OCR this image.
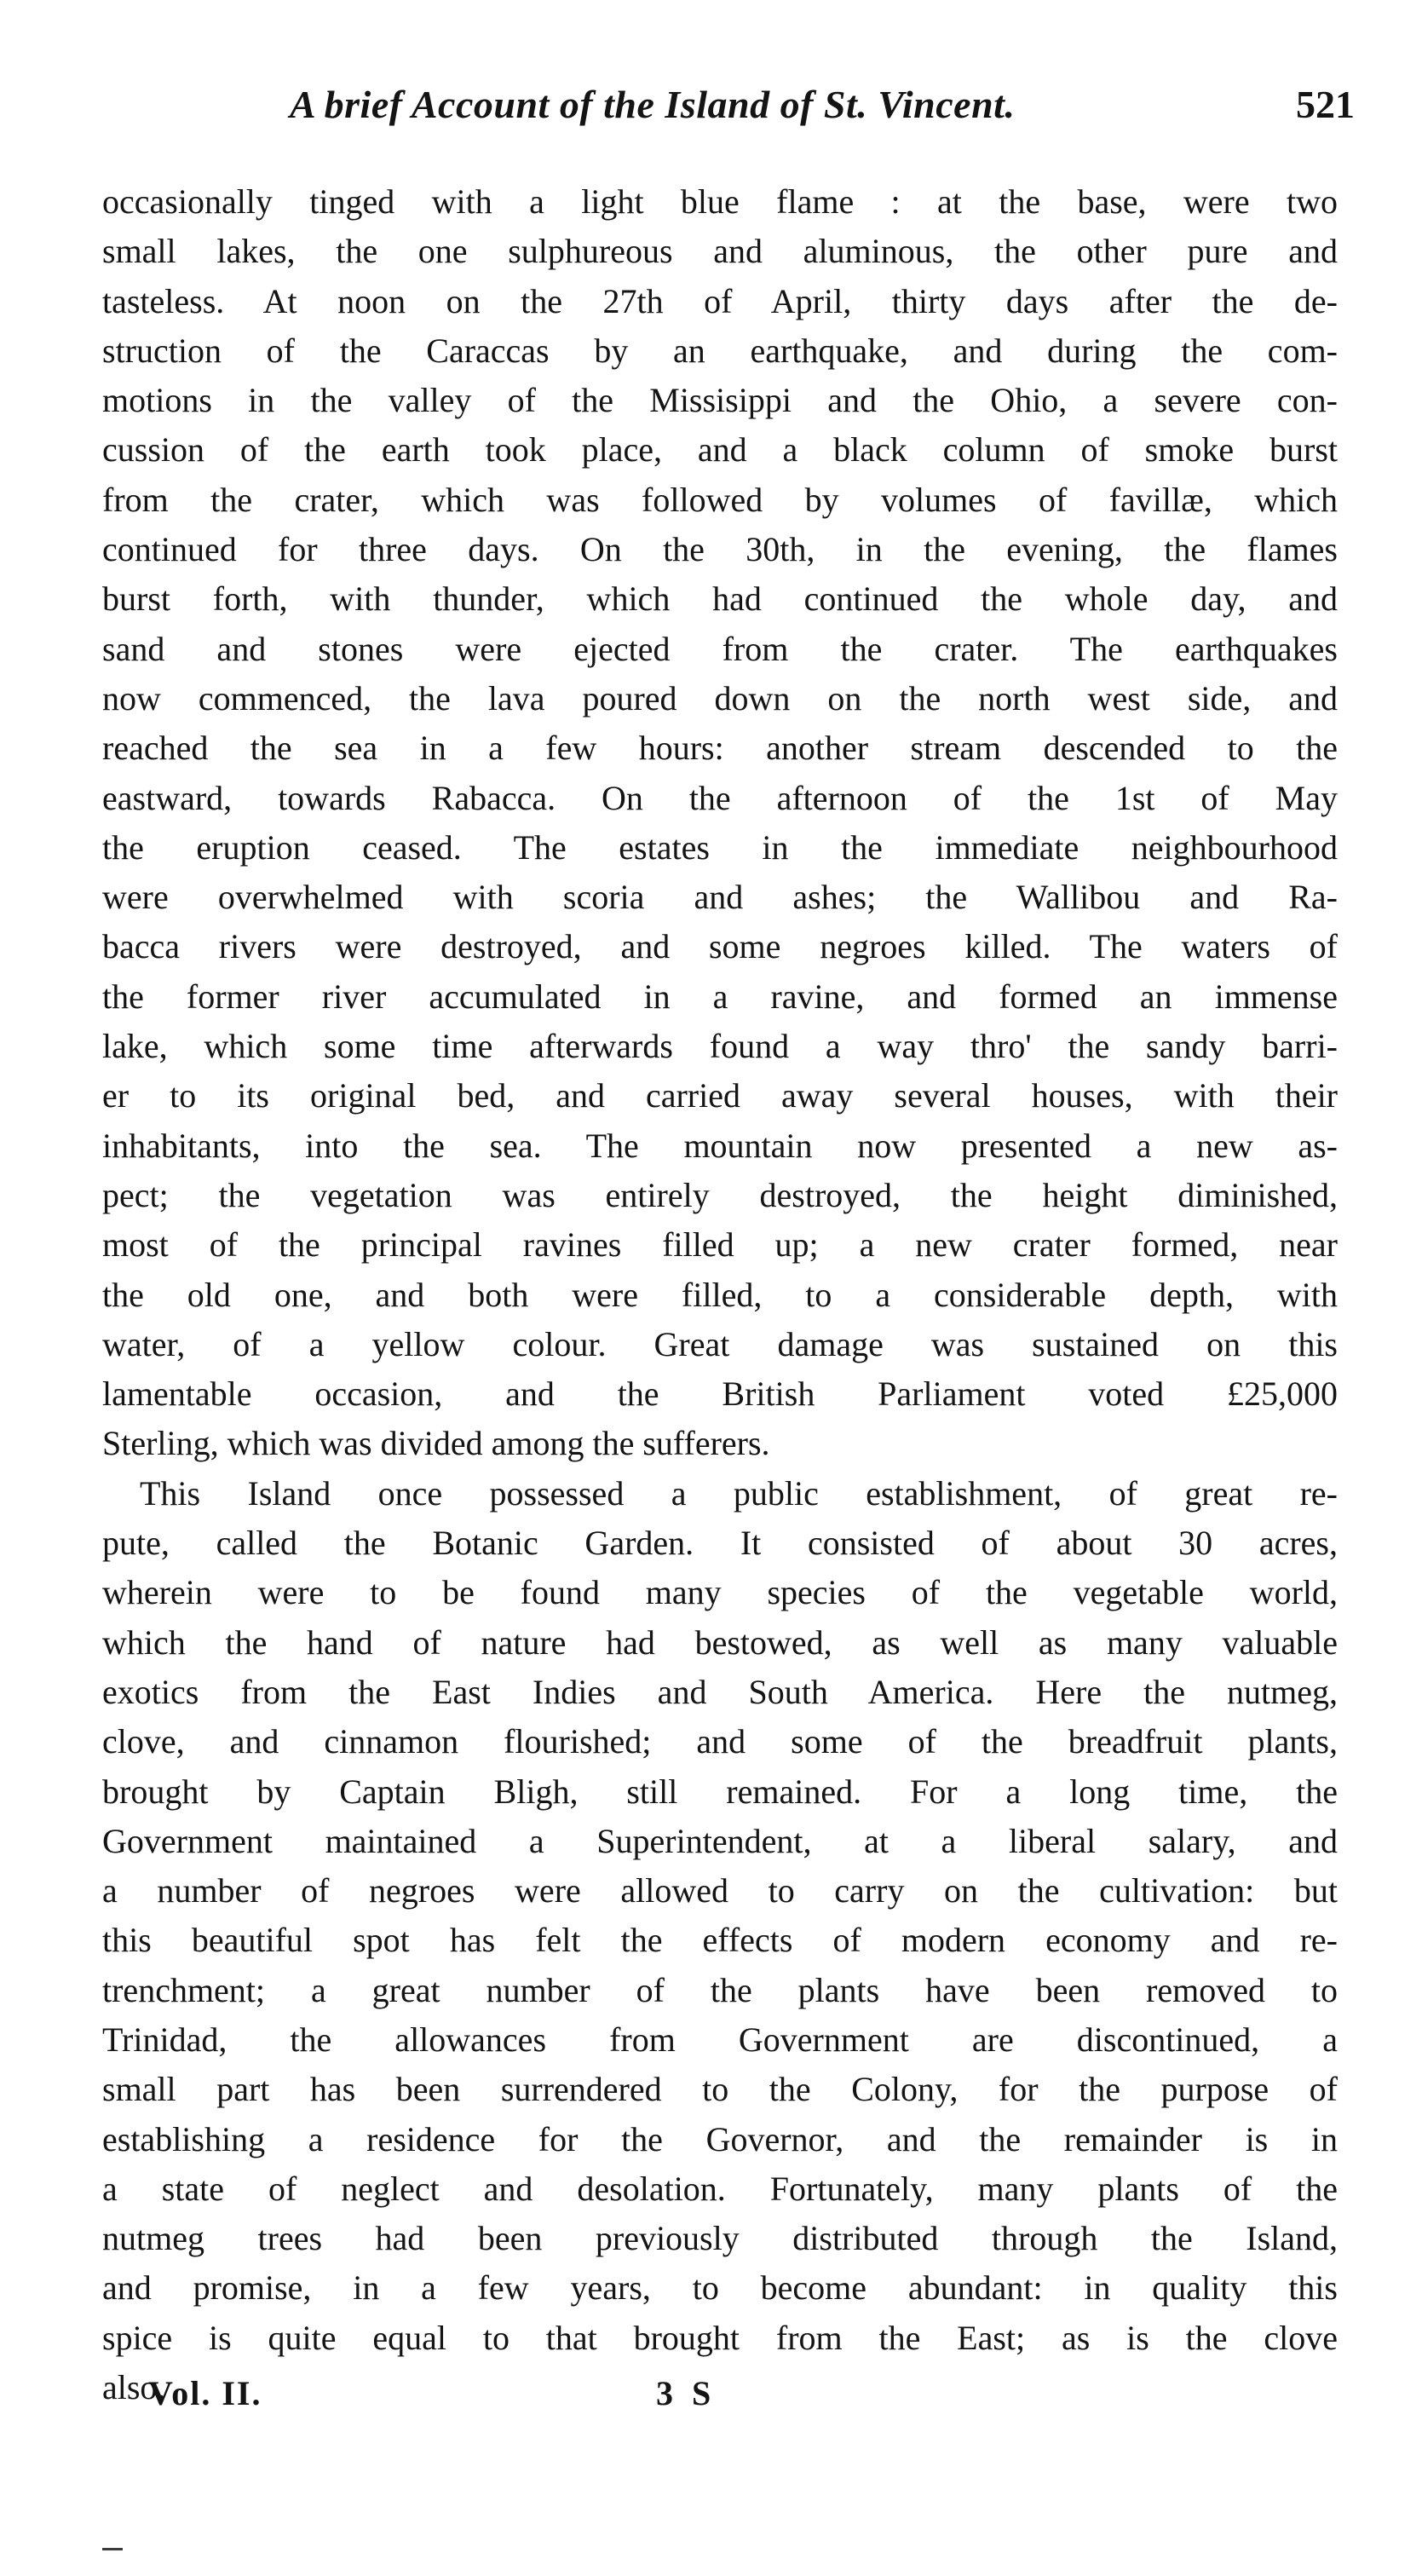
A brief Account of the Island of St. Vincent.	521
occasionally tinged with a light blue flame : at the base, were two
small lakes, the one sulphureous and aluminous, the other pure and
tasteless. At noon on the 27th of April, thirty days after the de-
struction of the Caraccas by an earthquake, and during the com-
motions in the valley of the Missisippi and the Ohio, a severe con-
cussion of the earth took place, and a black column of smoke burst
from the crater, which was followed by volumes of favillæ, which
continued for three days. On the 30th, in the evening, the flames
burst forth, with thunder, which had continued the whole day, and
sand and stones were ejected from the crater. The earthquakes
now commenced, the lava poured down on the north west side, and
reached the sea in a few hours: another stream descended to the
eastward, towards Rabacca. On the afternoon of the 1st of May
the eruption ceased. The estates in the immediate neighbourhood
were overwhelmed with scoria and ashes; the Wallibou and Ra-
bacca rivers were destroyed, and some negroes killed. The waters of
the former river accumulated in a ravine, and formed an immense
lake, which some time afterwards found a way thro' the sandy barri-
er to its original bed, and carried away several houses, with their
inhabitants, into the sea. The mountain now presented a new as-
pect; the vegetation was entirely destroyed, the height diminished,
most of the principal ravines filled up; a new crater formed, near
the old one, and both were filled, to a considerable depth, with
water, of a yellow colour. Great damage was sustained on this
lamentable occasion, and the British Parliament voted £25,000
Sterling, which was divided among the sufferers.
This Island once possessed a public establishment, of great re-
pute, called the Botanic Garden. It consisted of about 30 acres,
wherein were to be found many species of the vegetable world,
which the hand of nature had bestowed, as well as many valuable
exotics from the East Indies and South America. Here the nutmeg,
clove, and cinnamon flourished; and some of the breadfruit plants,
brought by Captain Bligh, still remained. For a long time, the
Government maintained a Superintendent, at a liberal salary, and
a number of negroes were allowed to carry on the cultivation: but
this beautiful spot has felt the effects of modern economy and re-
trenchment; a great number of the plants have been removed to
Trinidad, the allowances from Government are discontinued, a
small part has been surrendered to the Colony, for the purpose of
establishing a residence for the Governor, and the remainder is in
a state of neglect and desolation. Fortunately, many plants of the
nutmeg trees had been previously distributed through the Island,
and promise, in a few years, to become abundant: in quality this
spice is quite equal to that brought from the East; as is the clove
also.
Vol. II.	3 S
